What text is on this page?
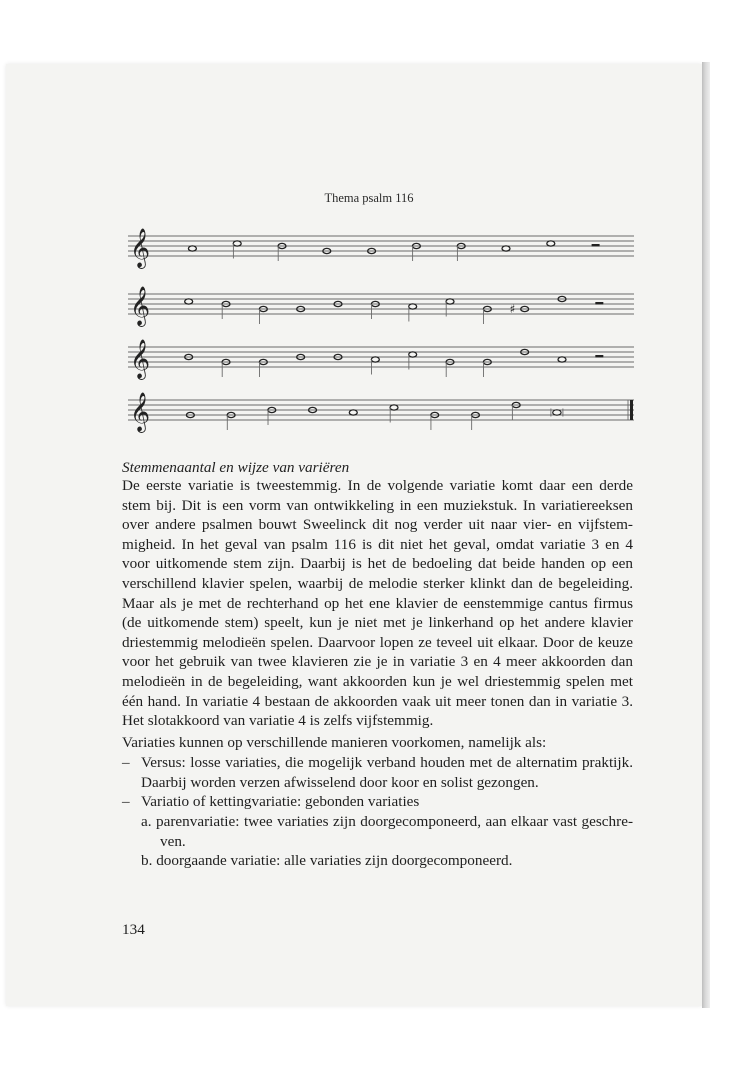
Thema psalm 116
𝄞
𝄞	♯
𝄞
𝄞
Stemmenaantal en wijze van variëren

De eerste variatie is tweestemmig. In de volgende variatie komt daar een derde
stem bij. Dit is een vorm van ontwikkeling in een muziekstuk. In variatiereeksen
over andere psalmen bouwt Sweelinck dit nog verder uit naar vier- en vijfstem-
migheid. In het geval van psalm 116 is dit niet het geval, omdat variatie 3 en 4
voor uitkomende stem zijn. Daarbij is het de bedoeling dat beide handen op een
verschillend klavier spelen, waarbij de melodie sterker klinkt dan de begeleiding.
Maar als je met de rechterhand op het ene klavier de eenstemmige cantus firmus
(de uitkomende stem) speelt, kun je niet met je linkerhand op het andere klavier
driestemmig melodieën spelen. Daarvoor lopen ze teveel uit elkaar. Door de keuze
voor het gebruik van twee klavieren zie je in variatie 3 en 4 meer akkoorden dan
melodieën in de begeleiding, want akkoorden kun je wel driestemmig spelen met
één hand. In variatie 4 bestaan de akkoorden vaak uit meer tonen dan in variatie 3.
Het slotakkoord van variatie 4 is zelfs vijfstemmig.

Variaties kunnen op verschillende manieren voorkomen, namelijk als:

– Versus: losse variaties, die mogelijk verband houden met de alternatim praktijk.
Daarbij worden verzen afwisselend door koor en solist gezongen.
– Variatio of kettingvariatie: gebonden variaties
a. parenvariatie: twee variaties zijn doorgecomponeerd, aan elkaar vast geschre-
ven.
b. doorgaande variatie: alle variaties zijn doorgecomponeerd.
134
